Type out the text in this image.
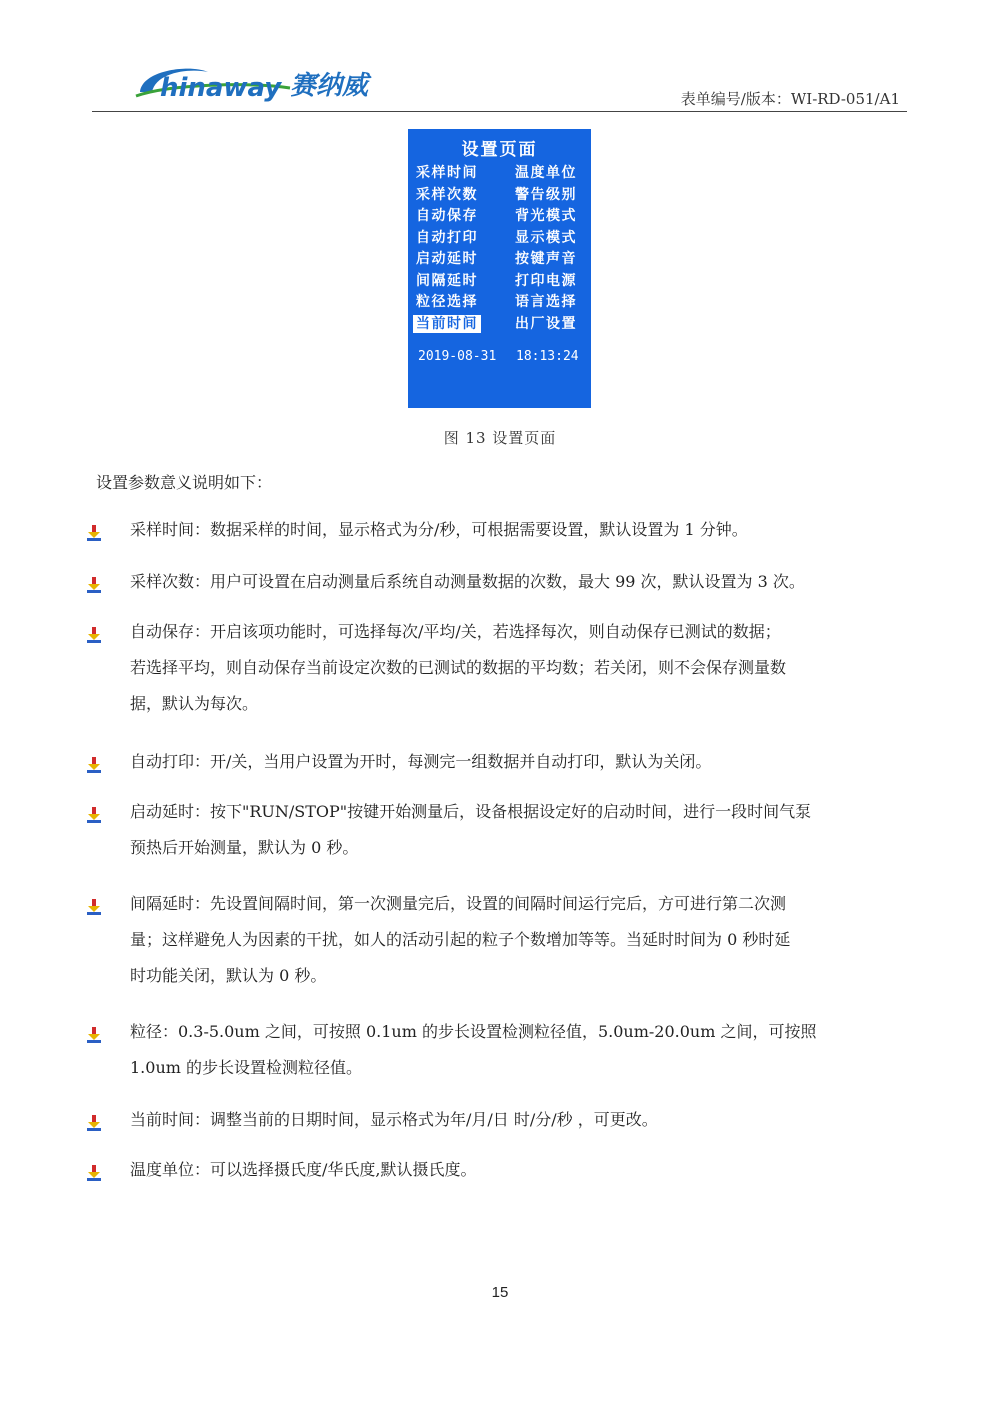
hinaway 赛纳威	表单编号/版本：WI-RD-051/A1
设置页面
采样时间
采样次数
自动保存
自动打印
启动延时
间隔延时
粒径选择
当前时间
温度单位
警告级别
背光模式
显示模式
按键声音
打印电源
语言选择
出厂设置
2019-08-31 18:13:24
图 13 设置页面
设置参数意义说明如下：
采样时间：数据采样的时间，显示格式为分/秒，可根据需要设置，默认设置为 1 分钟。
采样次数：用户可设置在启动测量后系统自动测量数据的次数，最大 99 次，默认设置为 3 次。
自动保存：开启该项功能时，可选择每次/平均/关，若选择每次，则自动保存已测试的数据；
若选择平均，则自动保存当前设定次数的已测试的数据的平均数；若关闭，则不会保存测量数
据，默认为每次。
自动打印：开/关，当用户设置为开时，每测完一组数据并自动打印，默认为关闭。
启动延时：按下"RUN/STOP"按键开始测量后，设备根据设定好的启动时间，进行一段时间气泵
预热后开始测量，默认为 0 秒。
间隔延时：先设置间隔时间，第一次测量完后，设置的间隔时间运行完后，方可进行第二次测
量；这样避免人为因素的干扰，如人的活动引起的粒子个数增加等等。当延时时间为 0 秒时延
时功能关闭，默认为 0 秒。
粒径：0.3-5.0um 之间，可按照 0.1um 的步长设置检测粒径值，5.0um-20.0um 之间，可按照
1.0um 的步长设置检测粒径值。
当前时间：调整当前的日期时间，显示格式为年/月/日 时/分/秒 ，可更改。
温度单位：可以选择摄氏度/华氏度,默认摄氏度。
15
